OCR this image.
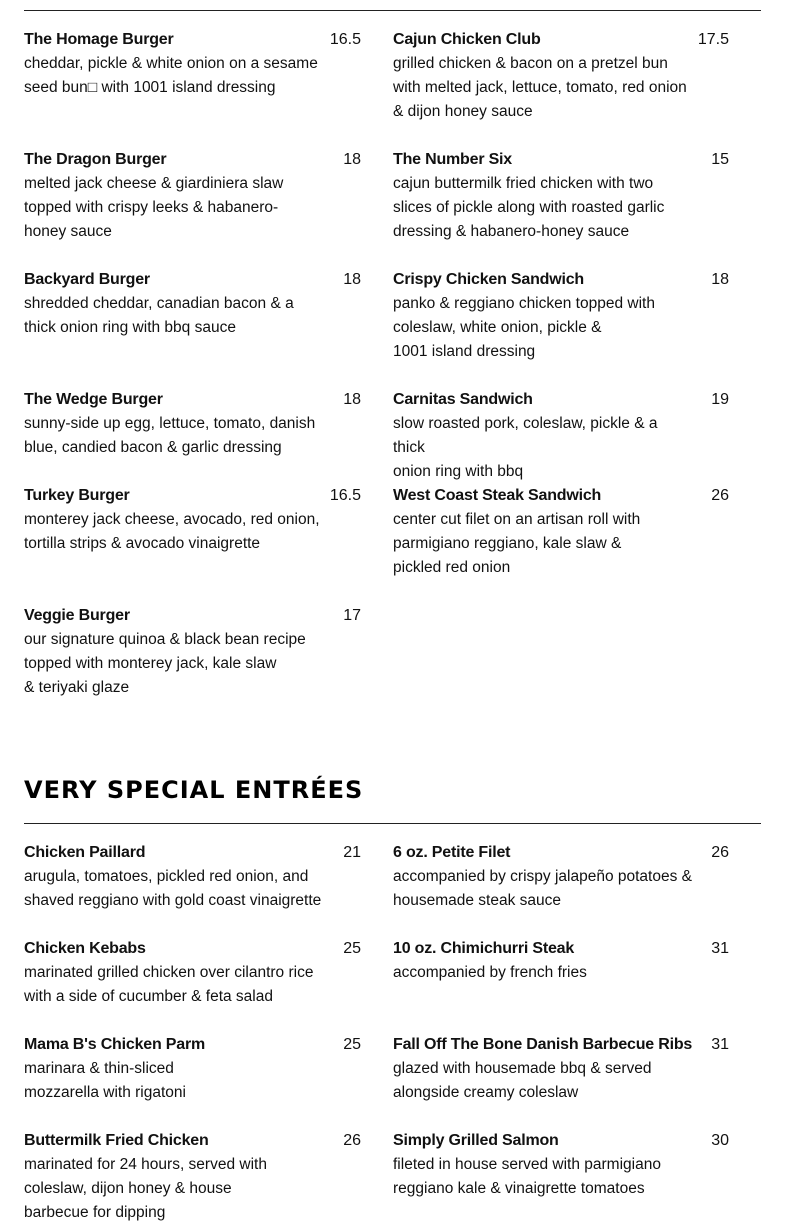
The Homage Burger	16.5
cheddar, pickle & white onion on a sesame
seed bun□ with 1001 island dressing
Cajun Chicken Club	17.5
grilled chicken & bacon on a pretzel bun
with melted jack, lettuce, tomato, red onion
& dijon honey sauce
The Dragon Burger	18
melted jack cheese & giardiniera slaw
topped with crispy leeks & habanero-
honey sauce
The Number Six	15
cajun buttermilk fried chicken with two
slices of pickle along with roasted garlic
dressing & habanero-honey sauce
Backyard Burger	18
shredded cheddar, canadian bacon & a
thick onion ring with bbq sauce
Crispy Chicken Sandwich	18
panko & reggiano chicken topped with
coleslaw, white onion, pickle &
1001 island dressing
The Wedge Burger	18
sunny-side up egg, lettuce, tomato, danish
blue, candied bacon & garlic dressing
Carnitas Sandwich	19
slow roasted pork, coleslaw, pickle & a thick
onion ring with bbq
Turkey Burger	16.5
monterey jack cheese, avocado, red onion,
tortilla strips & avocado vinaigrette
West Coast Steak Sandwich	26
center cut filet on an artisan roll with
parmigiano reggiano, kale slaw &
pickled red onion
Veggie Burger	17
our signature quinoa & black bean recipe
topped with monterey jack, kale slaw
& teriyaki glaze
VERY SPECIAL ENTRÉES
Chicken Paillard	21
arugula, tomatoes, pickled red onion, and
shaved reggiano with gold coast vinaigrette
6 oz. Petite Filet	26
accompanied by crispy jalapeño potatoes &
housemade steak sauce
Chicken Kebabs	25
marinated grilled chicken over cilantro rice
with a side of cucumber & feta salad
10 oz. Chimichurri Steak	31
accompanied by french fries
Mama B's Chicken Parm	25
marinara & thin-sliced
mozzarella with rigatoni
Fall Off The Bone Danish Barbecue Ribs 31
glazed with housemade bbq & served
alongside creamy coleslaw
Buttermilk Fried Chicken	26
marinated for 24 hours, served with
coleslaw, dijon honey & house
barbecue for dipping
Simply Grilled Salmon	30
fileted in house served with parmigiano
reggiano kale & vinaigrette tomatoes
